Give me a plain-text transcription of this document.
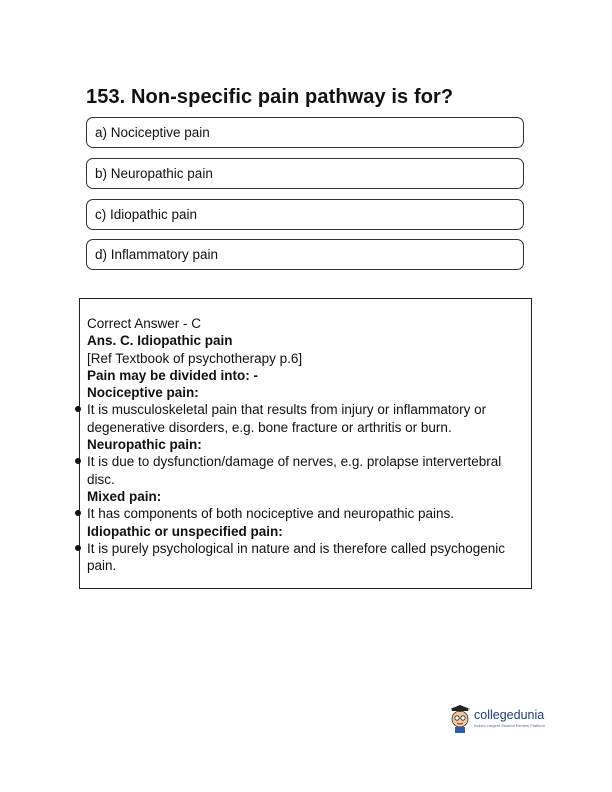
153. Non-specific pain pathway is for?
a) Nociceptive pain
b) Neuropathic pain
c) Idiopathic pain
d) Inflammatory pain
Correct Answer - C
Ans. C. Idiopathic pain
[Ref Textbook of psychotherapy p.6]
Pain may be divided into: -
Nociceptive pain:
It is musculoskeletal pain that results from injury or inflammatory or degenerative disorders, e.g. bone fracture or arthritis or burn.
Neuropathic pain:
It is due to dysfunction/damage of nerves, e.g. prolapse intervertebral disc.
Mixed pain:
It has components of both nociceptive and neuropathic pains.
Idiopathic or unspecified pain:
It is purely psychological in nature and is therefore called psychogenic pain.
collegedunia
India's Largest Student Review Platform
